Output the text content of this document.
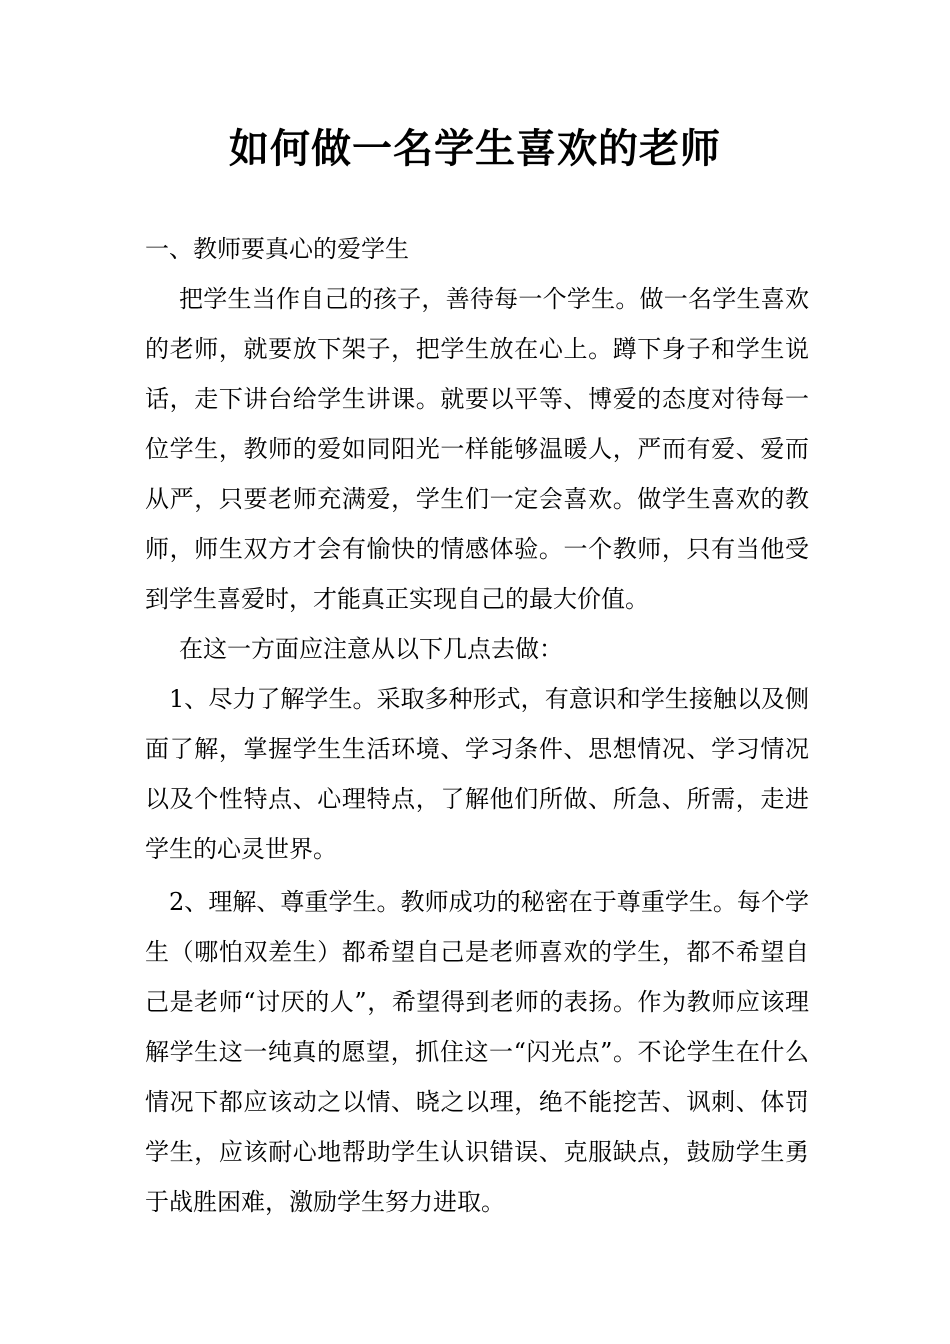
如何做一名学生喜欢的老师

一、教师要真心的爱学生

把学生当作自己的孩子，善待每一个学生。做一名学生喜欢的老师，就要放下架子，把学生放在心上。蹲下身子和学生说话，走下讲台给学生讲课。就要以平等、博爱的态度对待每一位学生，教师的爱如同阳光一样能够温暖人，严而有爱、爱而从严，只要老师充满爱，学生们一定会喜欢。做学生喜欢的教师，师生双方才会有愉快的情感体验。一个教师，只有当他受到学生喜爱时，才能真正实现自己的最大价值。

在这一方面应注意从以下几点去做：

1、尽力了解学生。采取多种形式，有意识和学生接触以及侧面了解，掌握学生生活环境、学习条件、思想情况、学习情况以及个性特点、心理特点，了解他们所做、所急、所需，走进学生的心灵世界。

2、理解、尊重学生。教师成功的秘密在于尊重学生。每个学生（哪怕双差生）都希望自己是老师喜欢的学生，都不希望自己是老师“讨厌的人”，希望得到老师的表扬。作为教师应该理解学生这一纯真的愿望，抓住这一“闪光点”。不论学生在什么情况下都应该动之以情、晓之以理，绝不能挖苦、讽刺、体罚学生，应该耐心地帮助学生认识错误、克服缺点，鼓励学生勇于战胜困难，激励学生努力进取。
